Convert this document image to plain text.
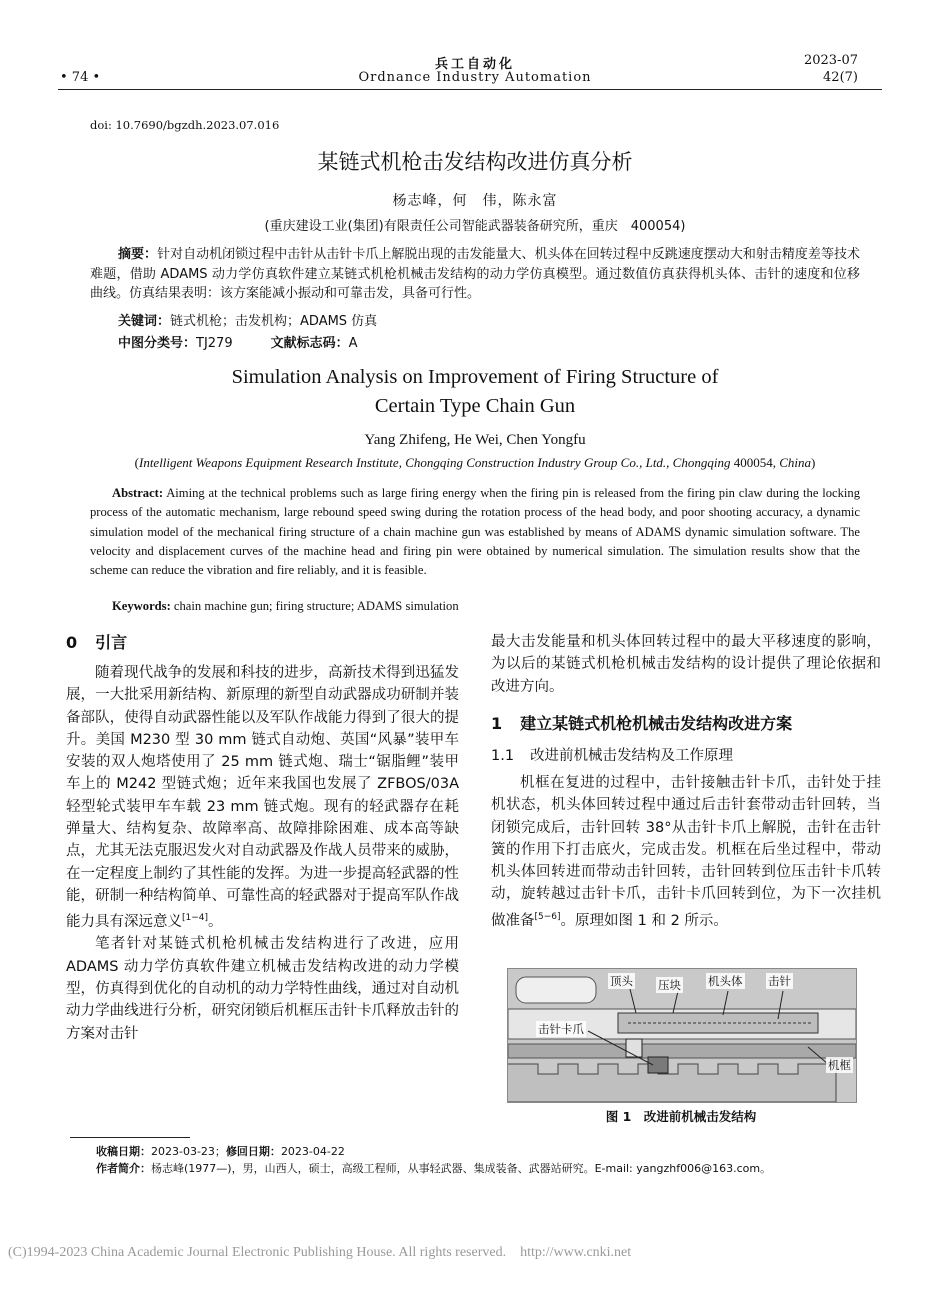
• 74 •
兵工自动化
Ordnance Industry Automation
2023-07
42(7)
doi: 10.7690/bgzdh.2023.07.016
某链式机枪击发结构改进仿真分析
杨志峰，何　伟，陈永富
(重庆建设工业(集团)有限责任公司智能武器装备研究所，重庆　400054)
摘要：针对自动机闭锁过程中击针从击针卡爪上解脱出现的击发能量大、机头体在回转过程中反跳速度摆动大和射击精度差等技术难题，借助 ADAMS 动力学仿真软件建立某链式机枪机械击发结构的动力学仿真模型。通过数值仿真获得机头体、击针的速度和位移曲线。仿真结果表明：该方案能减小振动和可靠击发，具备可行性。
关键词：链式机枪；击发机构；ADAMS 仿真
中图分类号：TJ279	文献标志码：A
Simulation Analysis on Improvement of Firing Structure of
Certain Type Chain Gun
Yang Zhifeng, He Wei, Chen Yongfu
(Intelligent Weapons Equipment Research Institute, Chongqing Construction Industry Group Co., Ltd., Chongqing 400054, China)
Abstract: Aiming at the technical problems such as large firing energy when the firing pin is released from the firing pin claw during the locking process of the automatic mechanism, large rebound speed swing during the rotation process of the head body, and poor shooting accuracy, a dynamic simulation model of the mechanical firing structure of a chain machine gun was established by means of ADAMS dynamic simulation software. The velocity and displacement curves of the machine head and firing pin were obtained by numerical simulation. The simulation results show that the scheme can reduce the vibration and fire reliably, and it is feasible.
Keywords: chain machine gun; firing structure; ADAMS simulation
0 引言

随着现代战争的发展和科技的进步，高新技术得到迅猛发展，一大批采用新结构、新原理的新型自动武器成功研制并装备部队，使得自动武器性能以及军队作战能力得到了很大的提升。美国 M230 型 30 mm 链式自动炮、英国“风暴”装甲车安装的双人炮塔使用了 25 mm 链式炮、瑞士“锯脂鲤”装甲车上的 M242 型链式炮；近年来我国也发展了 ZFBOS/03A 轻型轮式装甲车车载 23 mm 链式炮。现有的轻武器存在耗弹量大、结构复杂、故障率高、故障排除困难、成本高等缺点，尤其无法克服迟发火对自动武器及作战人员带来的威胁，在一定程度上制约了其性能的发挥。为进一步提高轻武器的性能，研制一种结构简单、可靠性高的轻武器对于提高军队作战能力具有深远意义[1−4]。

笔者针对某链式机枪机械击发结构进行了改进，应用 ADAMS 动力学仿真软件建立机械击发结构改进的动力学模型，仿真得到优化的自动机的动力学特性曲线，通过对自动机动力学曲线进行分析，研究闭锁后机框压击针卡爪释放击针的方案对击针

最大击发能量和机头体回转过程中的最大平移速度的影响，为以后的某链式机枪机械击发结构的设计提供了理论依据和改进方向。
1 建立某链式机枪机械击发结构改进方案
1.1 改进前机械击发结构及工作原理

机框在复进的过程中，击针接触击针卡爪，击针处于挂机状态，机头体回转过程中通过后击针套带动击针回转，当闭锁完成后，击针回转 38°从击针卡爪上解脱，击针在击针簧的作用下打击底火，完成击发。机框在后坐过程中，带动机头体回转进而带动击针回转，击针回转到位压击针卡爪转动，旋转越过击针卡爪，击针卡爪回转到位，为下一次挂机做准备[5−6]。原理如图 1 和 2 所示。

顶头 压块 机头体 击针
击针卡爪
机框
图 1　改进前机械击发结构
收稿日期：2023-03-23；修回日期：2023-04-22
作者简介：杨志峰(1977—)，男，山西人，硕士，高级工程师，从事轻武器、集成装备、武器站研究。E-mail: yangzhf006@163.com。
(C)1994-2023 China Academic Journal Electronic Publishing House. All rights reserved.    http://www.cnki.net
